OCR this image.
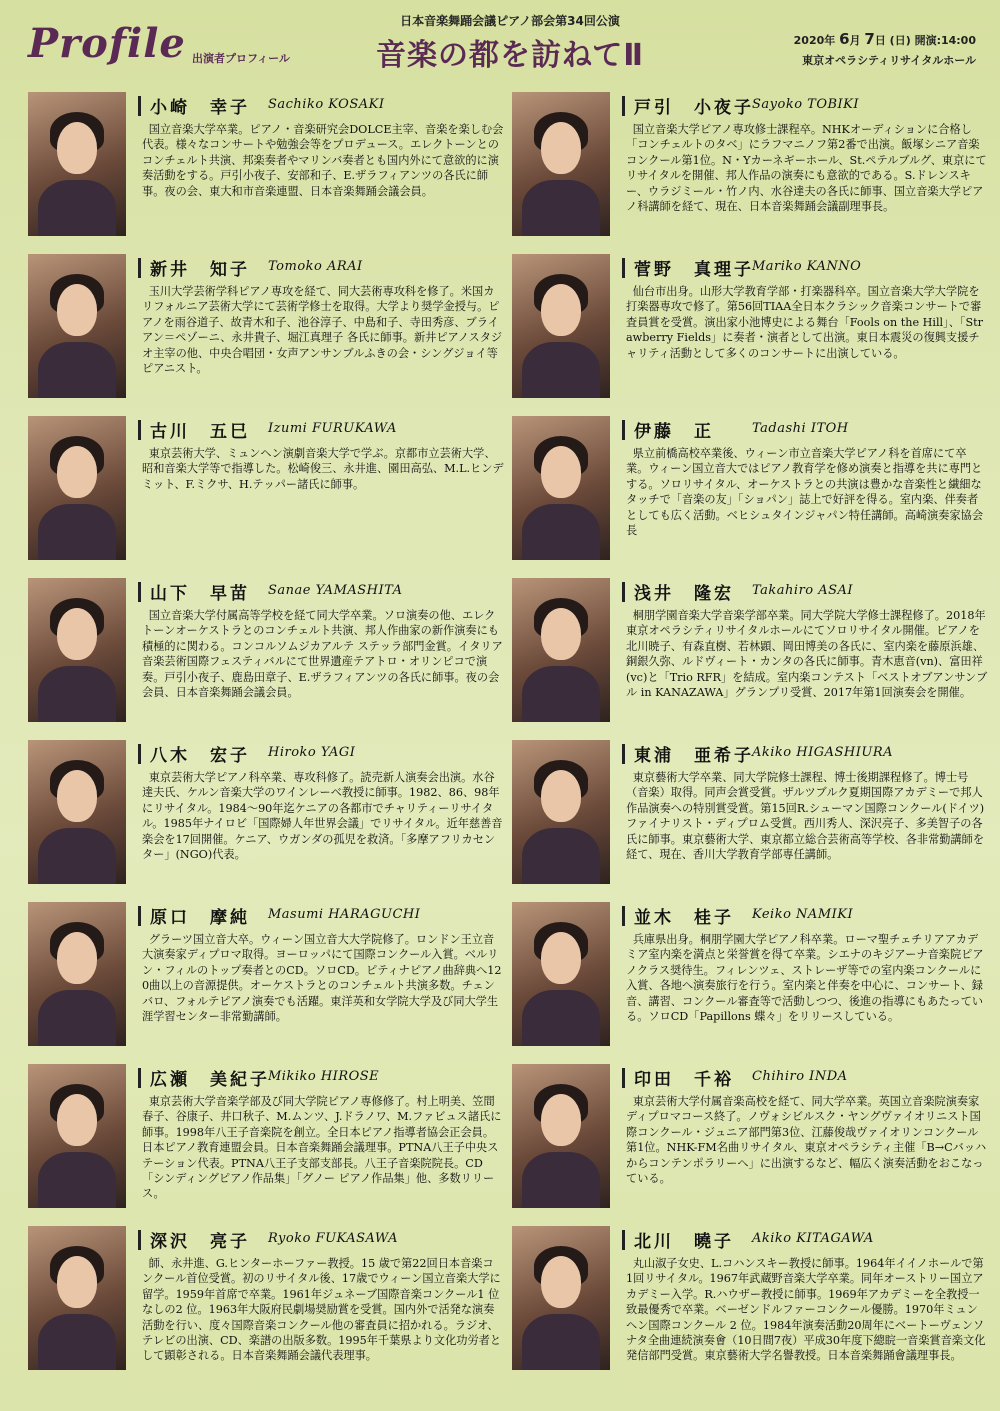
Profile 出演者プロフィール
日本音楽舞踊会議ピアノ部会第34回公演
音楽の都を訪ねてⅡ	2020年 6月 7日 (日) 開演:14:00
東京オペラシティリサイタルホール
小崎　幸子 Sachiko KOSAKI
国立音楽大学卒業。ピアノ・音楽研究会DOLCE主宰、音楽を楽しむ会代表。様々なコンサートや勉強会等をプロデュース。エレクトーンとのコンチェルト共演、邦楽奏者やマリンバ奏者とも国内外にて意欲的に演奏活動をする。戸引小夜子、安部和子、E.ザラフィアンツの各氏に師事。夜の会、東大和市音楽連盟、日本音楽舞踊会議会員。
新井　知子 Tomoko ARAI
玉川大学芸術学科ピアノ専攻を経て、同大芸術専攻科を修了。米国カリフォルニア芸術大学にて芸術学修士を取得。大学より奨学金授与。ピアノを雨谷道子、故青木和子、池谷淳子、中島和子、寺田秀彦、ブライアン＝ペゾーニ、永井貴子、堀江真理子 各氏に師事。新井ピアノスタジオ主宰の他、中央合唱団・女声アンサンブルふきの会・シングジョイ等ピアニスト。
古川　五巳 Izumi FURUKAWA
東京芸術大学、ミュンヘン演劇音楽大学で学ぶ。京都市立芸術大学、昭和音楽大学等で指導した。松崎俊三、永井進、園田高弘、M.L.ヒンデミット、F.ミクサ、H.テッパー諸氏に師事。
山下　早苗 Sanae YAMASHITA
国立音楽大学付属高等学校を経て同大学卒業。ソロ演奏の他、エレクトーンオーケストラとのコンチェルト共演、邦人作曲家の新作演奏にも積極的に関わる。コンコルソムジカアルテ ステッラ部門金賞。イタリア音楽芸術国際フェスティバルにて世界遺産テアトロ・オリンピコで演奏。戸引小夜子、鹿島田章子、E.ザラフィアンツの各氏に師事。夜の会会員、日本音楽舞踊会議会員。
八木　宏子 Hiroko YAGI
東京芸術大学ピアノ科卒業、専攻科修了。読売新人演奏会出演。水谷達夫氏、ケルン音楽大学のワインレーベ教授に師事。1982、86、98年にリサイタル。1984〜90年迄ケニアの各都市でチャリティーリサイタル。1985年ナイロビ「国際婦人年世界会議」でリサイタル。近年慈善音楽会を17回開催。ケニア、ウガンダの孤児を救済。「多摩アフリカセンター」(NGO)代表。
原口　摩純 Masumi HARAGUCHI
グラーツ国立音大卒。ウィーン国立音大大学院修了。ロンドン王立音大演奏家ディプロマ取得。ヨーロッパにて国際コンクール入賞。ベルリン・フィルのトップ奏者とのCD。ソロCD。ピティナピアノ曲辞典へ120曲以上の音源提供。オーケストラとのコンチェルト共演多数。チェンバロ、フォルテピアノ演奏でも活躍。東洋英和女学院大学及び同大学生涯学習センター非常勤講師。
広瀬　美紀子
Mikiko HIROSE
東京芸術大学音楽学部及び同大学院ピアノ専修修了。村上明美、笠間春子、谷康子、井口秋子、M.ムンツ、J.ドラノワ、M.ファビュス諸氏に師事。1998年八王子音楽院を創立。全日本ピアノ指導者協会正会員。日本ピアノ教育連盟会員。日本音楽舞踊会議理事。PTNA八王子中央ステーション代表。PTNA八王子支部支部長。八王子音楽院院長。CD「シンディングピアノ作品集」「グノー ピアノ作品集」他、多数リリース。
深沢　亮子 Ryoko FUKASAWA
師、永井進、G.ヒンターホーファー教授。15 歳で第22回日本音楽コンクール首位受賞。初のリサイタル後、17歳でウィーン国立音楽大学に留学。1959年首席で卒業。1961年ジュネーブ国際音楽コンクール1 位なしの2 位。1963年大阪府民劇場奨励賞を受賞。国内外で活発な演奏活動を行い、度々国際音楽コンクール他の審査員に招かれる。ラジオ、テレビの出演、CD、楽譜の出版多数。1995年千葉県より文化功労者として顕彰される。日本音楽舞踊会議代表理事。
戸引　小夜子
Sayoko TOBIKI
国立音楽大学ピアノ専攻修士課程卒。NHKオーディションに合格し「コンチェルトのタベ」にラフマニノフ第2番で出演。飯塚シニア音楽コンクール第1位。N・Yカーネギーホール、St.ペテルブルグ、東京にてリサイタルを開催、邦人作品の演奏にも意欲的である。S.ドレンスキー、ウラジミール・竹ノ内、水谷達夫の各氏に師事、国立音楽大学ピアノ科講師を経て、現在、日本音楽舞踊会議副理事長。
菅野　真理子
Mariko KANNO
仙台市出身。山形大学教育学部・打楽器科卒。国立音楽大学大学院を打楽器専攻で修了。第56回TIAA全日本クラシック音楽コンサートで審査員賞を受賞。演出家小池博史による舞台「Fools on the Hill」、「Strawberry Fields」に奏者・演者として出演。東日本震災の復興支援チャリティ活動として多くのコンサートに出演している。
伊藤　正	Tadashi ITOH
県立前橋高校卒業後、ウィーン市立音楽大学ピアノ科を首席にて卒業。ウィーン国立音大ではピアノ教育学を修め演奏と指導を共に専門とする。ソロリサイタル、オーケストラとの共演は豊かな音楽性と繊細なタッチで「音楽の友」「ショパン」誌上で好評を得る。室内楽、伴奏者としても広く活動。ベヒシュタインジャパン特任講師。高崎演奏家協会長
浅井　隆宏 Takahiro ASAI
桐朋学園音楽大学音楽学部卒業。同大学院大学修士課程修了。2018年東京オペラシティリサイタルホールにてソロリサイタル開催。ピアノを北川暁子、有森直樹、若林顕、岡田博美の各氏に、室内楽を藤原浜雄、銅銀久弥、ルドヴィート・カンタの各氏に師事。青木恵音(vn)、富田祥(vc)と「Trio RFR」を結成。室内楽コンテスト「ベストオブアンサンブル in KANAZAWA」グランプリ受賞、2017年第1回演奏会を開催。
東浦　亜希子
Akiko HIGASHIURA
東京藝術大学卒業、同大学院修士課程、博士後期課程修了。博士号（音楽）取得。同声会賞受賞。ザルツブルク夏期国際アカデミーで邦人作品演奏への特別賞受賞。第15回R.シューマン国際コンクール(ドイツ)ファイナリスト・ディプロム受賞。西川秀人、深沢亮子、多美智子の各氏に師事。東京藝術大学、東京都立総合芸術高等学校、各非常勤講師を経て、現在、香川大学教育学部専任講師。
並木　桂子 Keiko NAMIKI
兵庫県出身。桐朋学園大学ピアノ科卒業。ローマ聖チェチリアアカデミア室内楽を満点と栄誉賞を得て卒業。シエナのキジアーナ音楽院ピアノクラス奨待生。フィレンツェ、ストレーザ等での室内楽コンクールに入賞、各地へ演奏旅行を行う。室内楽と伴奏を中心に、コンサート、録音、講習、コンクール審査等で活動しつつ、後進の指導にもあたっている。ソロCD「Papillons 蝶々」をリリースしている。
印田　千裕 Chihiro INDA
東京芸術大学付属音楽高校を経て、同大学卒業。英国立音楽院演奏家ディプロマコース終了。ノヴォシビルスク・ヤングヴァイオリニスト国際コンクール・ジュニア部門第3位、江藤俊哉ヴァイオリンコンクール第1位。NHK-FM名曲リサイタル、東京オペラシティ主催「B→Cバッハからコンテンポラリーへ」に出演するなど、幅広く演奏活動をおこなっている。
北川　曉子 Akiko KITAGAWA
丸山淑子女史、L.コハンスキー教授に師事。1964年イイノホールで第1回リサイタル。1967年武蔵野音楽大学卒業。同年オーストリー国立アカデミー入学。R.ハウザー教授に師事。1969年アカデミーを全教授一致最優秀で卒業。ベーゼンドルファーコンクール優勝。1970年ミュンヘン国際コンクール 2 位。1984年演奏活動20周年にベートーヴェンソナタ全曲連続演奏會（10日間7夜）平成30年度下總睆一音楽賞音楽文化発信部門受賞。東京藝術大学名譽教授。日本音楽舞踊會議理事長。
